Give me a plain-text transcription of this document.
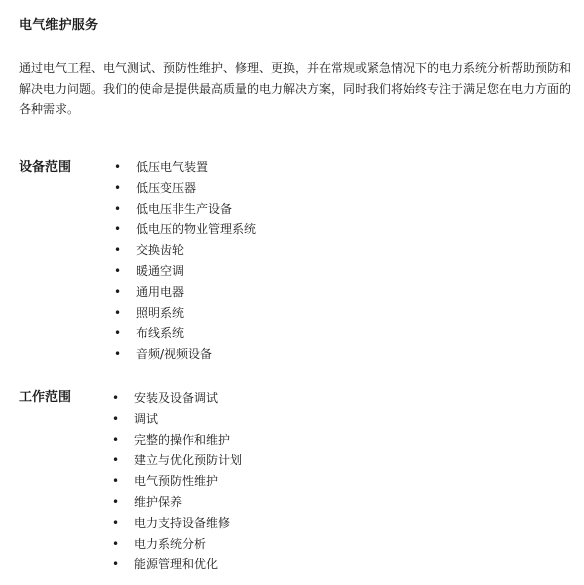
电气维护服务

通过电气工程、电气测试、预防性维护、修理、更换，并在常规或紧急情况下的电力系统分析帮助预防和解决电力问题。我们的使命是提供最高质量的电力解决方案，同时我们将始终专注于满足您在电力方面的各种需求。

设备范围	• 低压电气装置
• 低压变压器
• 低电压非生产设备
• 低电压的物业管理系统
• 交换齿轮
• 暖通空调
• 通用电器
• 照明系统
• 布线系统
• 音频/视频设备
工作范围	• 安装及设备调试
• 调试
• 完整的操作和维护
• 建立与优化预防计划
• 电气预防性维护
• 维护保养
• 电力支持设备维修
• 电力系统分析
• 能源管理和优化
